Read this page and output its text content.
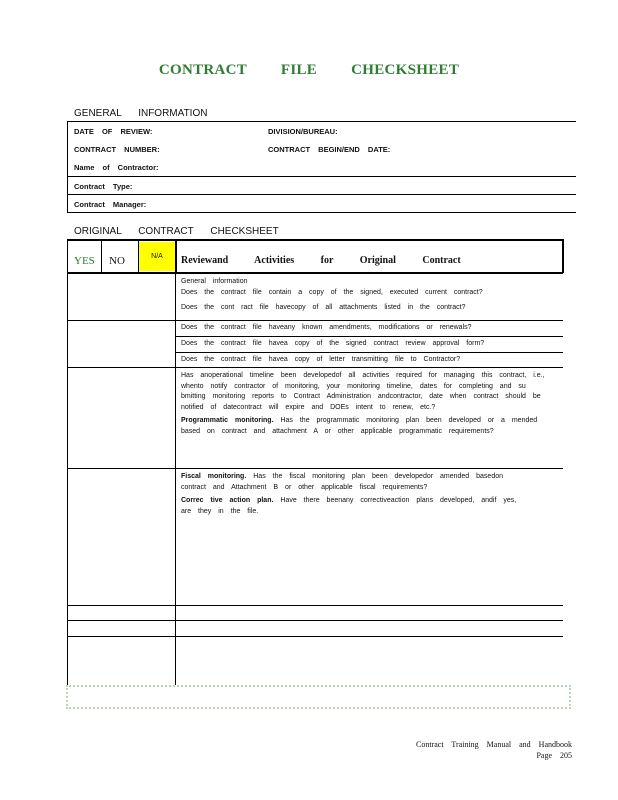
CONTRACT FILE CHECKSHEET
GENERAL INFORMATION
DATE OF REVIEW:	DIVISION/BUREAU:
CONTRACT NUMBER:	CONTRACT BEGIN/END DATE:
Name of Contractor:
Contract Type:
Contract Manager:
ORIGINAL CONTRACT CHECKSHEET
YES NO	N/A	Reviewand Activities for Original Contract

General information

Does the contract file contain a copy of the signed, executed current contract?

Does the cont ract file havecopy of all attachments listed in the contract?

Does the contract file haveany known amendments, modifications or renewals?

Does the contract file havea copy of the signed contract review approval form?

Does the contract file havea copy of letter transmitting file to Contractor?

Has anoperational timeline been developedof all activities required for managing this contract, i.e., whento notify contractor of monitoring, your monitoring timeline, dates for completing and su bmitting monitoring reports to Contract Administration andcontractor, date when contract should be notified of datecontract will expire and DOEs intent to renew, etc.?

Programmatic monitoring. Has the programmatic monitoring plan been developed or a mended based on contract and attachment A or other applicable programmatic requirements?

Fiscal monitoring. Has the fiscal monitoring plan been developedor amended basedon contract and Attachment B or other applicable fiscal requirements?

Correc tive action plan. Have there beenany correctiveaction plans developed, andif yes, are they in the file.

Contract Training Manual and Handbook
Page 205
